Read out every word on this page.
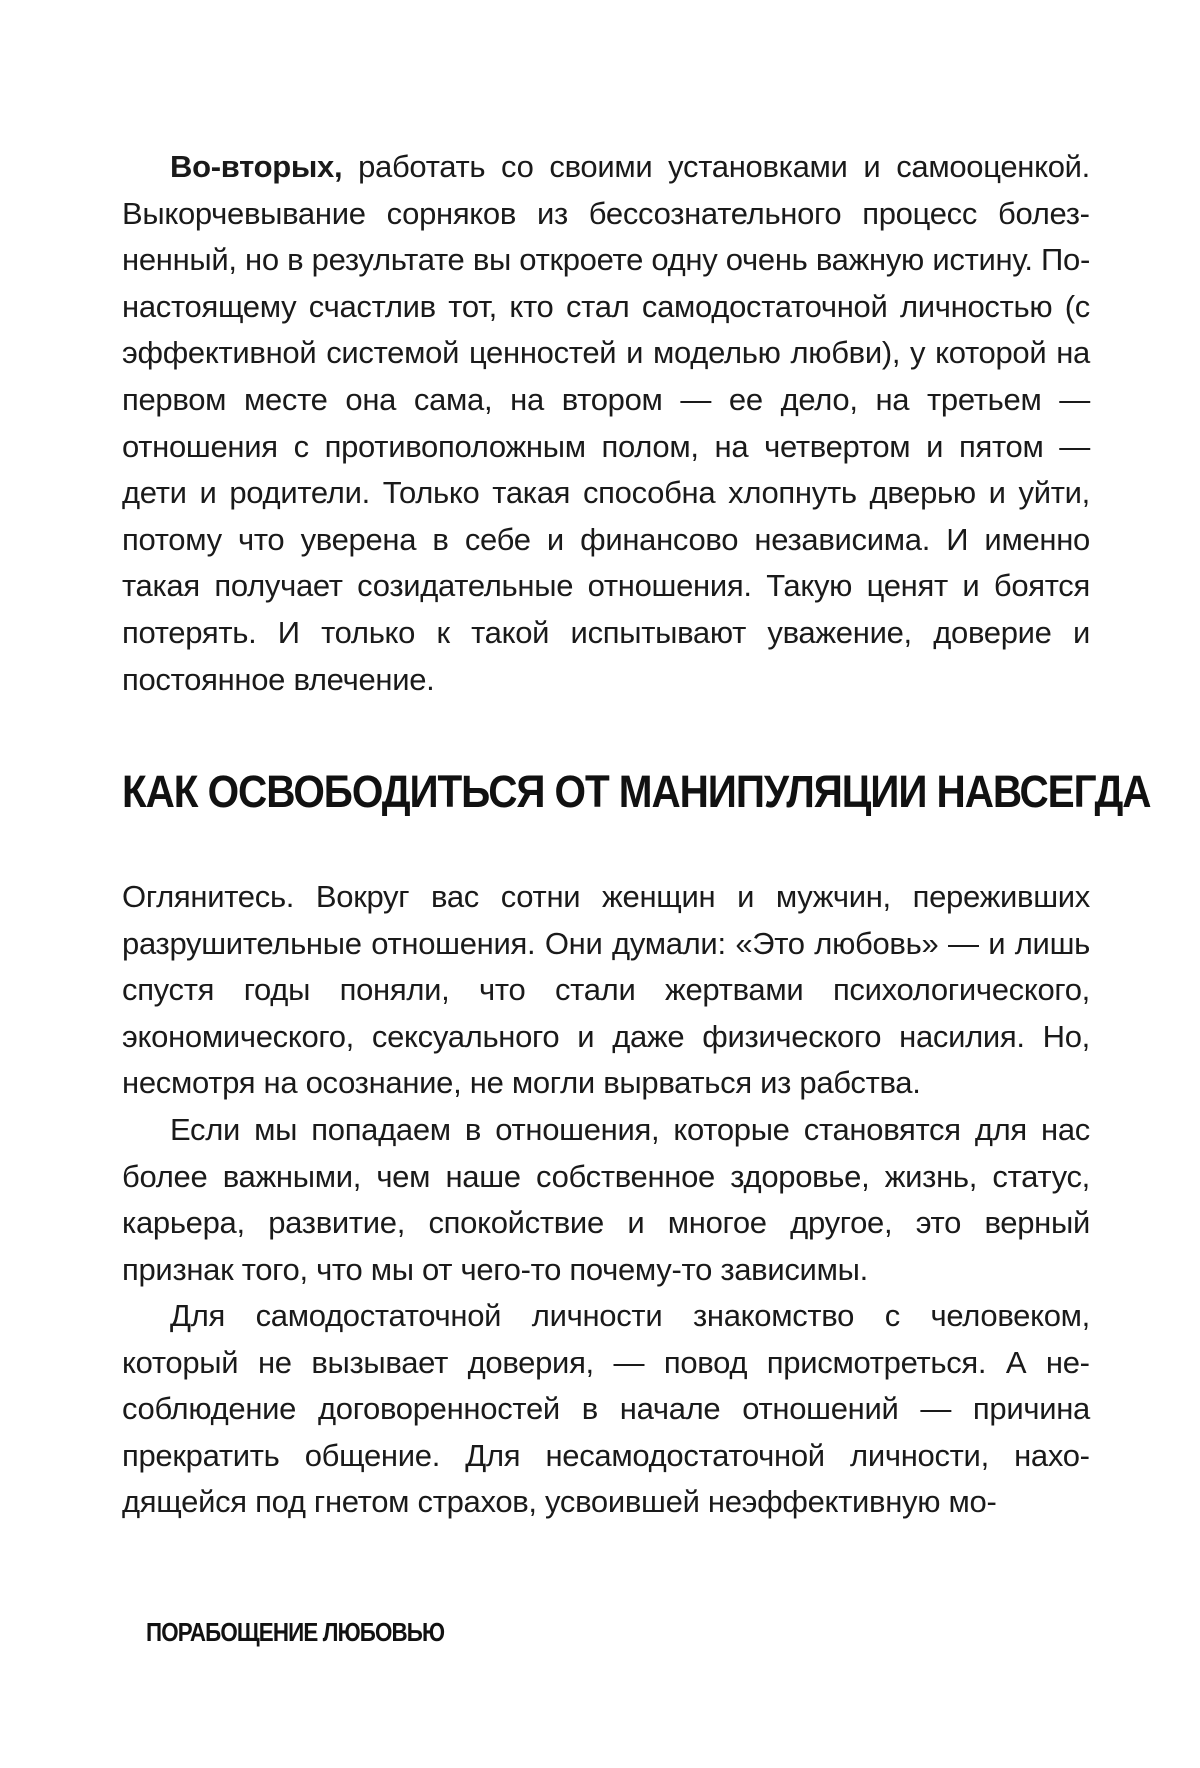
Во-вторых, работать со своими установками и самооценкой. Выкорчевывание сорняков из бессознательного процесс болезненный, но в результате вы откроете одну очень важную истину. По-настоящему счастлив тот, кто стал самодостаточной личностью (с эффективной системой ценностей и моделью любви), у которой на первом месте она сама, на втором — ее дело, на третьем — отношения с противоположным полом, на четвертом и пятом — дети и родители. Только такая способна хлопнуть дверью и уйти, потому что уверена в себе и финансово независима. И именно такая получает созидательные отношения. Такую ценят и боятся потерять. И только к такой испытывают уважение, доверие и постоянное влечение.

КАК ОСВОБОДИТЬСЯ ОТ МАНИПУЛЯЦИИ НАВСЕГДА

Оглянитесь. Вокруг вас сотни женщин и мужчин, переживших разрушительные отношения. Они думали: «Это любовь» — и лишь спустя годы поняли, что стали жертвами психологического, экономического, сексуального и даже физического насилия. Но, несмотря на осознание, не могли вырваться из рабства.

Если мы попадаем в отношения, которые становятся для нас более важными, чем наше собственное здоровье, жизнь, статус, карьера, развитие, спокойствие и многое другое, это верный признак того, что мы от чего-то почему-то зависимы.

Для самодостаточной личности знакомство с человеком, который не вызывает доверия, — повод присмотреться. А несоблюдение договоренностей в начале отношений — причина прекратить общение. Для несамодостаточной личности, находящейся под гнетом страхов, усвоившей неэффективную мо-

ПОРАБОЩЕНИЕ ЛЮБОВЬЮ
